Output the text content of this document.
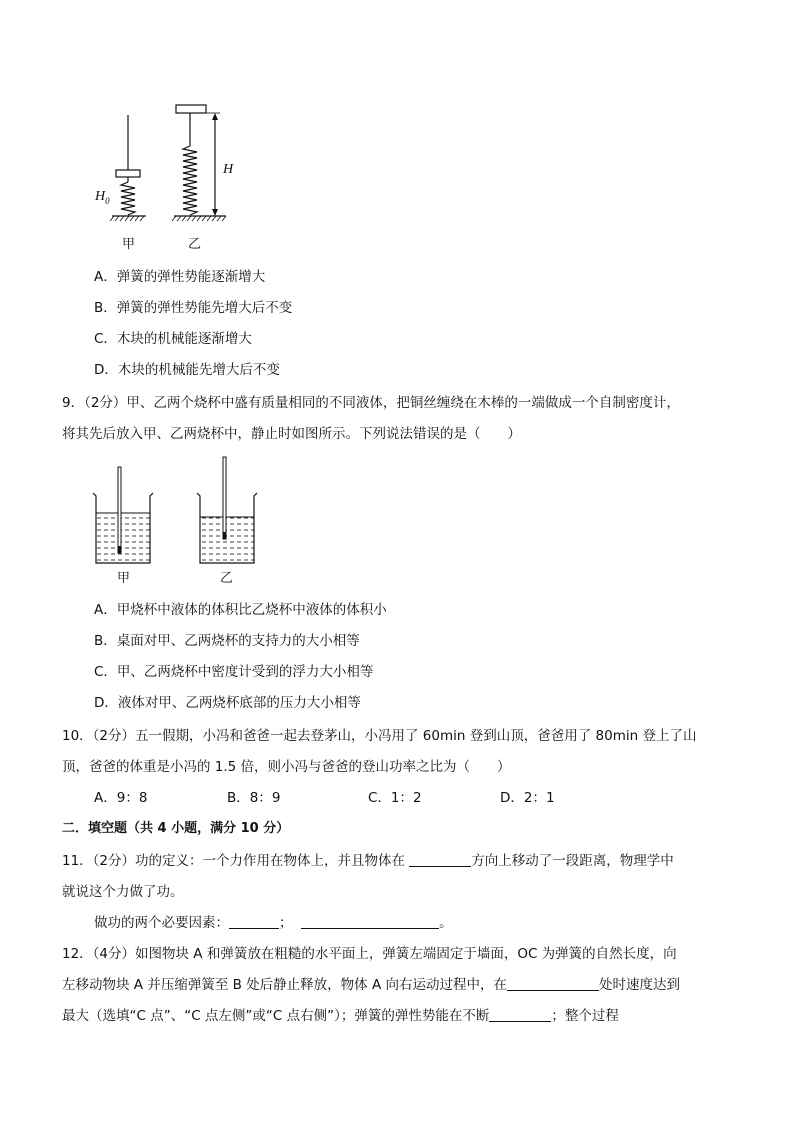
$H_0$
H
甲	乙
A．弹簧的弹性势能逐渐增大
B．弹簧的弹性势能先增大后不变
C．木块的机械能逐渐增大
D．木块的机械能先增大后不变
9．（2分）甲、乙两个烧杯中盛有质量相同的不同液体，把铜丝缠绕在木棒的一端做成一个自制密度计，
将其先后放入甲、乙两烧杯中，静止时如图所示。下列说法错误的是（　　）
甲	乙
A．甲烧杯中液体的体积比乙烧杯中液体的体积小
B．桌面对甲、乙两烧杯的支持力的大小相等
C．甲、乙两烧杯中密度计受到的浮力大小相等
D．液体对甲、乙两烧杯底部的压力大小相等
10．（2分）五一假期，小冯和爸爸一起去登茅山，小冯用了 60min 登到山顶，爸爸用了 80min 登上了山
顶，爸爸的体重是小冯的 1.5 倍，则小冯与爸爸的登山功率之比为（　　）
A．9：8	B．8：9	C．1：2	D．2：1
二．填空题（共 4 小题，满分 10 分）
11．（2分）功的定义：一个力作用在物体上，并且物体在	方向上移动了一段距离，物理学中
就说这个力做了功。
做功的两个必要因素：	；	。
12．（4分）如图物块 A 和弹簧放在粗糙的水平面上，弹簧左端固定于墙面，OC 为弹簧的自然长度，向
左移动物块 A 并压缩弹簧至 B 处后静止释放，物体 A 向右运动过程中，在	处时速度达到
最大（选填“C 点”、“C 点左侧”或“C 点右侧”）；弹簧的弹性势能在不断	；整个过程
